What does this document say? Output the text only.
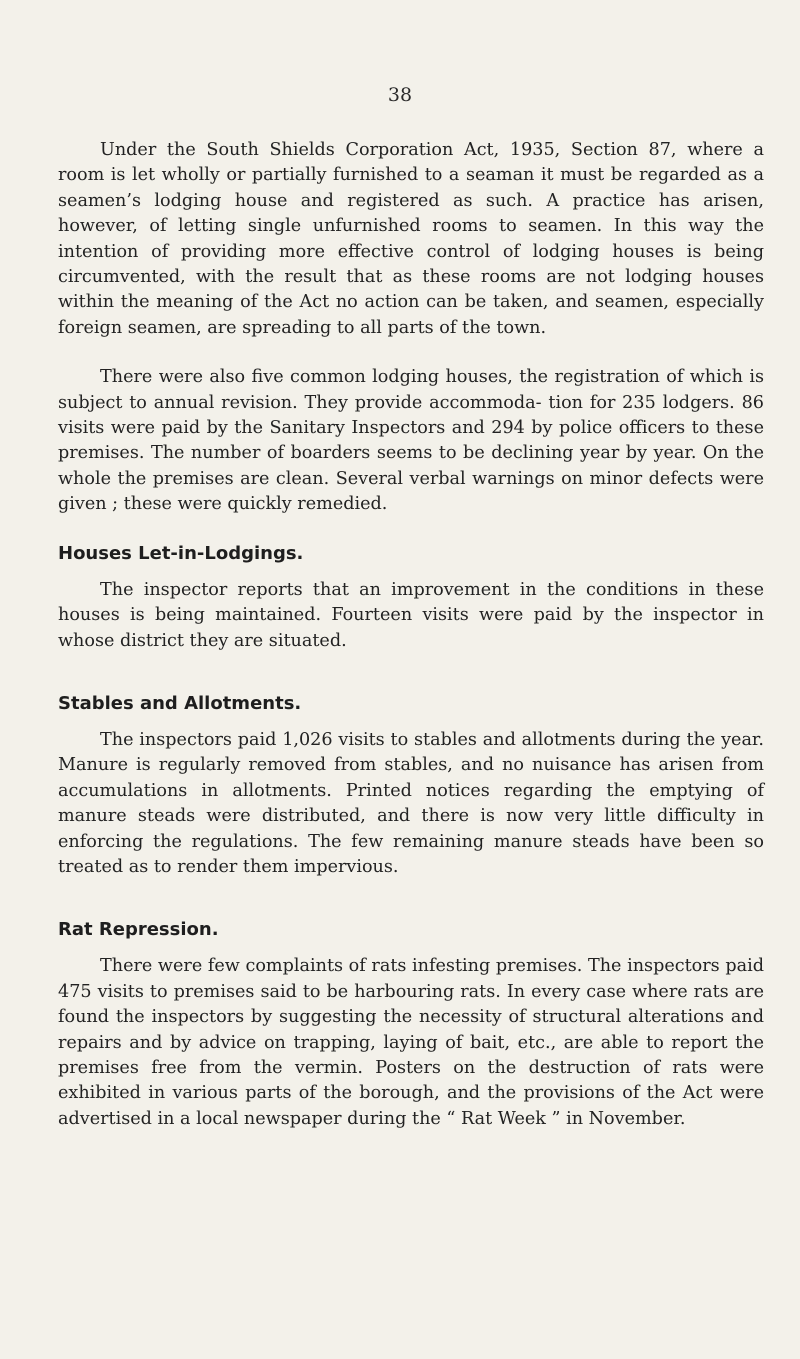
38

Under the South Shields Corporation Act, 1935, Section 87, where a room is let wholly or partially furnished to a seaman it must be regarded as a seamen’s lodging house and registered as such. A practice has arisen, however, of letting single unfurnished rooms to seamen. In this way the intention of providing more effective control of lodging houses is being circumvented, with the result that as these rooms are not lodging houses within the meaning of the Act no action can be taken, and seamen, especially foreign seamen, are spreading to all parts of the town.

There were also five common lodging houses, the registration of which is subject to annual revision. They provide accommoda- tion for 235 lodgers. 86 visits were paid by the Sanitary Inspectors and 294 by police officers to these premises. The number of boarders seems to be declining year by year. On the whole the premises are clean. Several verbal warnings on minor defects were given ; these were quickly remedied.

Houses Let-in-Lodgings.

The inspector reports that an improvement in the conditions in these houses is being maintained. Fourteen visits were paid by the inspector in whose district they are situated.

Stables and Allotments.

The inspectors paid 1,026 visits to stables and allotments during the year. Manure is regularly removed from stables, and no nuisance has arisen from accumulations in allotments. Printed notices regarding the emptying of manure steads were distributed, and there is now very little difficulty in enforcing the regulations. The few remaining manure steads have been so treated as to render them impervious.

Rat Repression.

There were few complaints of rats infesting premises. The inspectors paid 475 visits to premises said to be harbouring rats. In every case where rats are found the inspectors by suggesting the necessity of structural alterations and repairs and by advice on trapping, laying of bait, etc., are able to report the premises free from the vermin. Posters on the destruction of rats were exhibited in various parts of the borough, and the provisions of the Act were advertised in a local newspaper during the “ Rat Week ” in November.
